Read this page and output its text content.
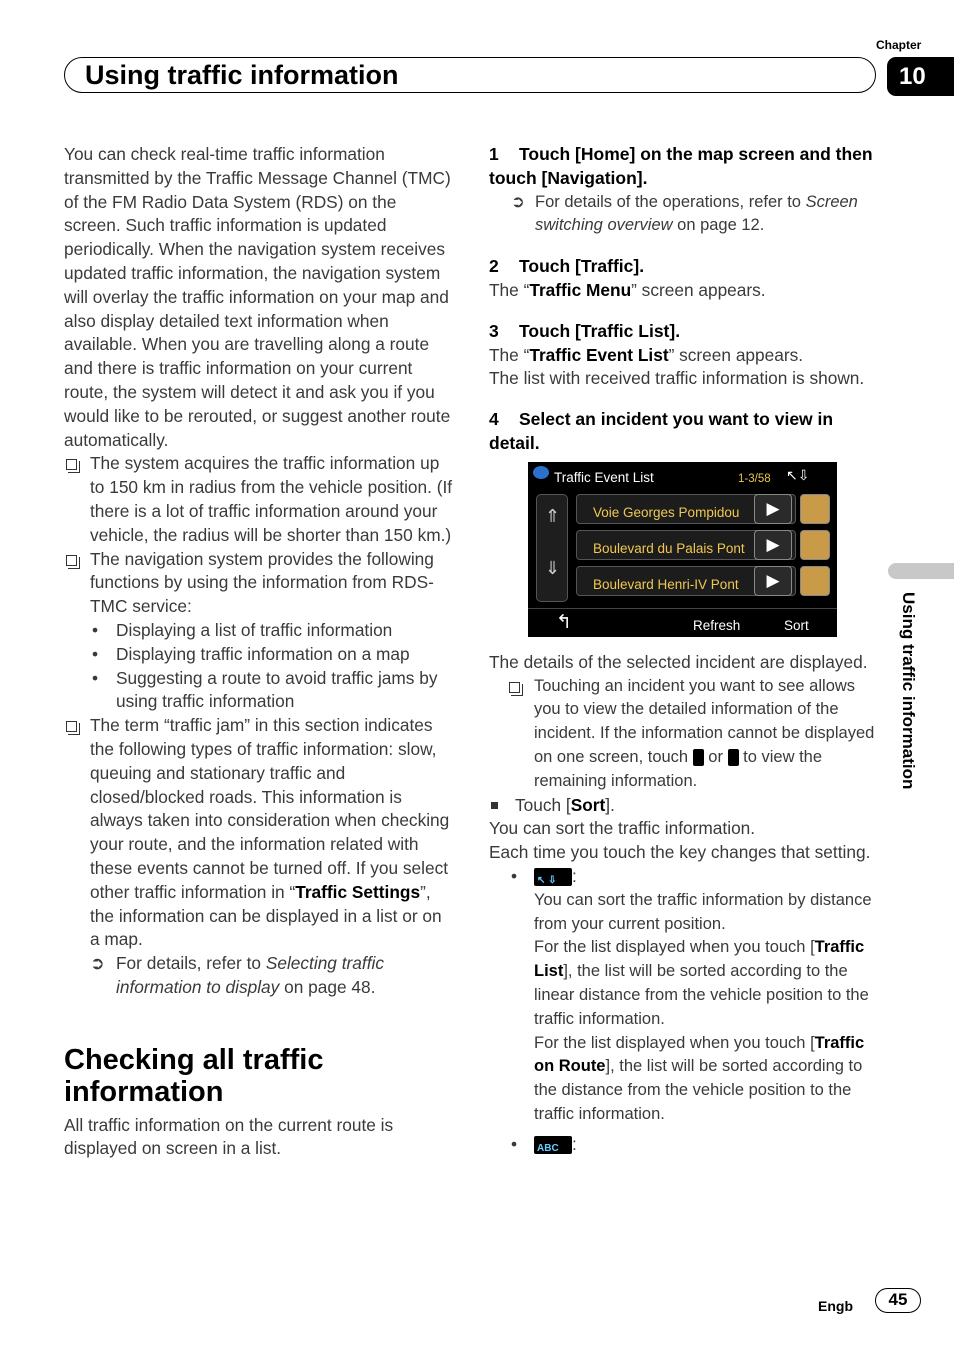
Chapter
10
Using traffic information
Using traffic information

You can check real-time traffic information transmitted by the Traffic Message Channel (TMC) of the FM Radio Data System (RDS) on the screen. Such traffic information is updated periodically. When the navigation system receives updated traffic information, the navigation system will overlay the traffic information on your map and also display detailed text information when available. When you are travelling along a route and there is traffic information on your current route, the system will detect it and ask you if you would like to be rerouted, or suggest another route automatically.

The system acquires the traffic information up to 150 km in radius from the vehicle position. (If there is a lot of traffic information around your vehicle, the radius will be shorter than 150 km.)
The navigation system provides the following functions by using the information from RDS-TMC service:
• Displaying a list of traffic information
• Displaying traffic information on a map
• Suggesting a route to avoid traffic jams by using traffic information
The term “traffic jam” in this section indicates the following types of traffic information: slow, queuing and stationary traffic and closed/blocked roads. This information is always taken into consideration when checking your route, and the information related with these events cannot be turned off. If you select other traffic information in “Traffic Settings”, the information can be displayed in a list or on a map.
➲ For details, refer to Selecting traffic information to display on page 48.
Checking all traffic information

All traffic information on the current route is displayed on screen in a list.

1 Touch [Home] on the map screen and then touch [Navigation].

➲ For details of the operations, refer to Screen switching overview on page 12.

2 Touch [Traffic].

The “Traffic Menu” screen appears.

3 Touch [Traffic List].

The “Traffic Event List” screen appears.

The list with received traffic information is shown.

4 Select an incident you want to view in detail.

Traffic Event List	1-3/58 ↖⇩
⇑
⇓
Voie Georges Pompidou	▶
Boulevard du Palais Pont	▶
Boulevard Henri-IV Pont	▶
↰	Refresh	Sort

The details of the selected incident are displayed.

Touching an incident you want to see allows you to view the detailed information of the incident. If the information cannot be displayed on one screen, touch  or  to view the remaining information.
Touch [Sort].

You can sort the traffic information.

Each time you touch the key changes that setting.

• ↖ ⇩ :

You can sort the traffic information by distance from your current position.

For the list displayed when you touch [Traffic List], the list will be sorted according to the linear distance from the vehicle position to the traffic information.

For the list displayed when you touch [Traffic on Route], the list will be sorted according to the distance from the vehicle position to the traffic information.

• ABC :
Engb	45
